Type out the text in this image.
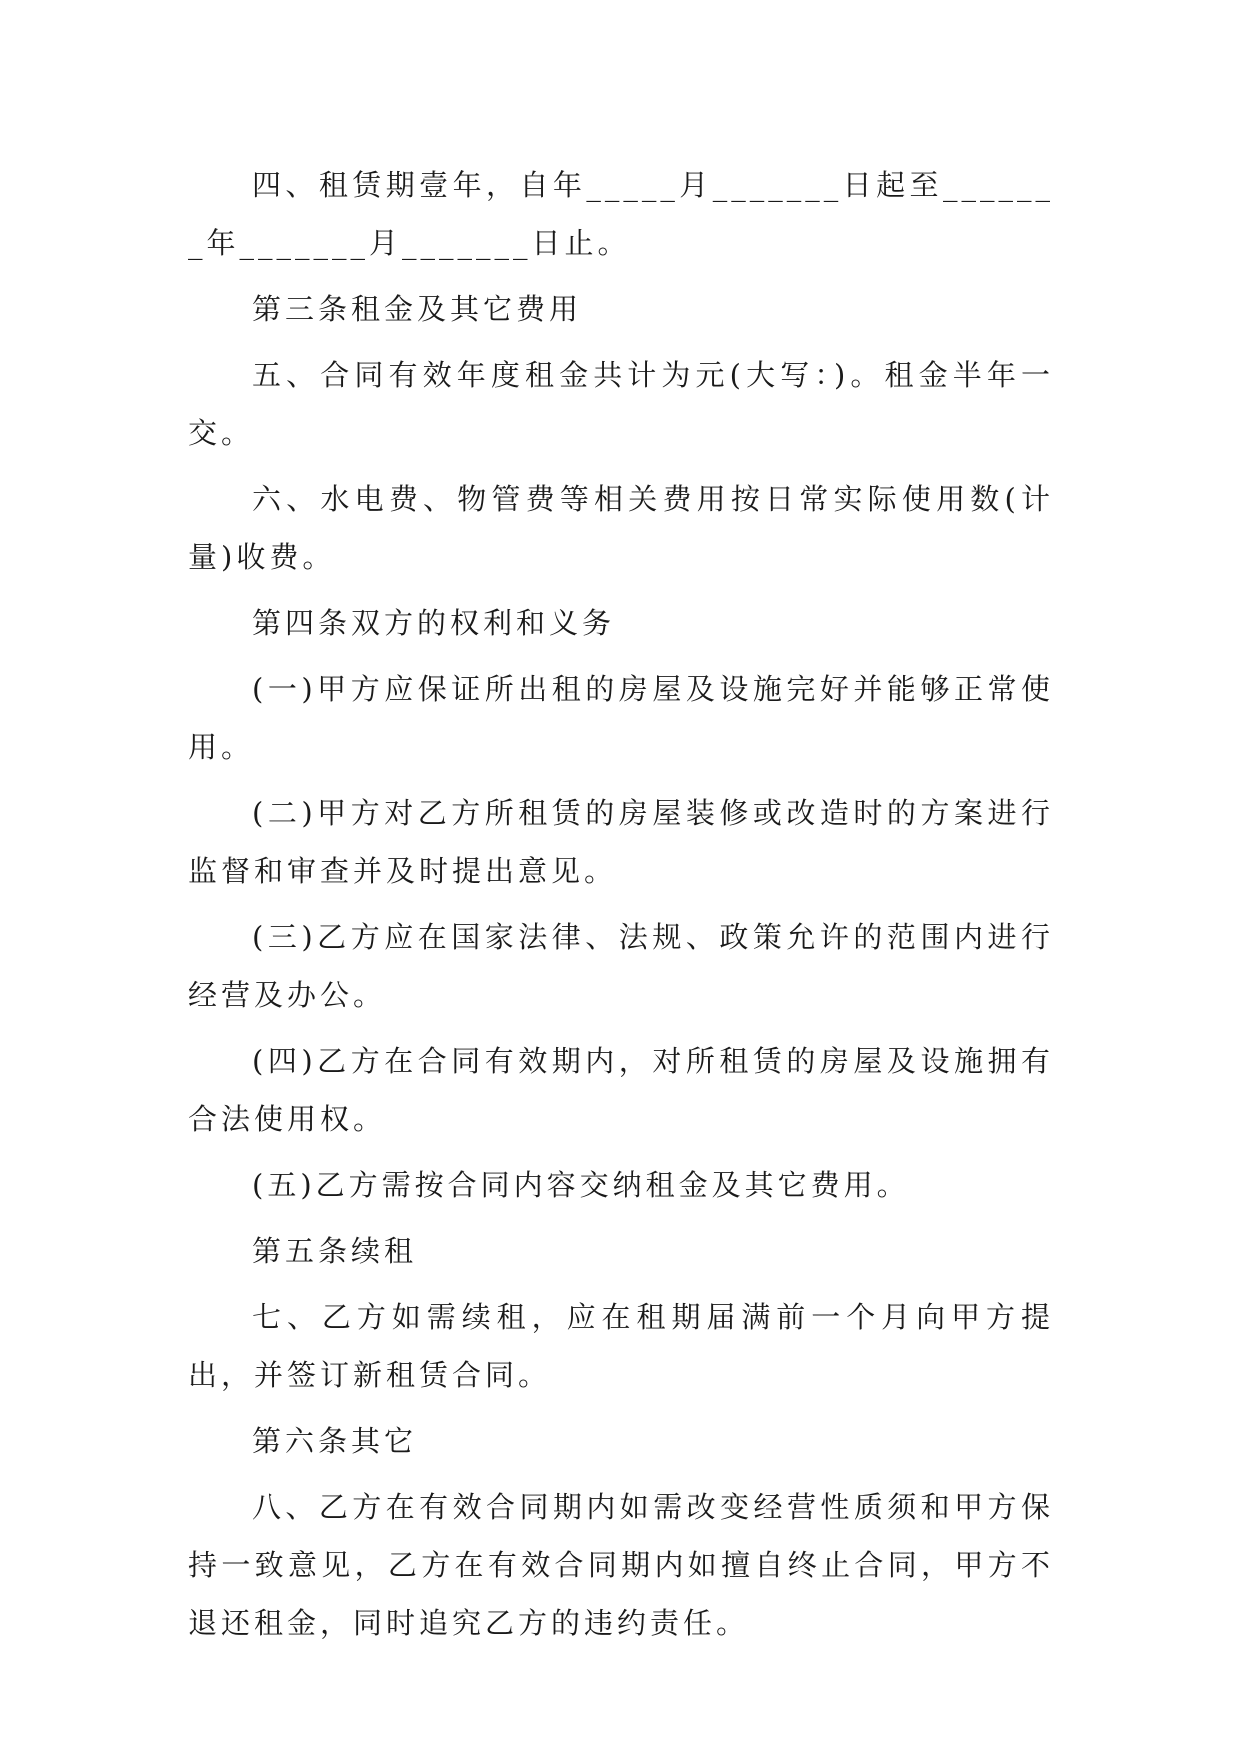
四、租赁期壹年，自年_____月_______日起至_______年_______月_______日止。

第三条租金及其它费用

五、合同有效年度租金共计为元(大写：)。租金半年一交。

六、水电费、物管费等相关费用按日常实际使用数(计量)收费。

第四条双方的权利和义务

(一)甲方应保证所出租的房屋及设施完好并能够正常使用。

(二)甲方对乙方所租赁的房屋装修或改造时的方案进行监督和审查并及时提出意见。

(三)乙方应在国家法律、法规、政策允许的范围内进行经营及办公。

(四)乙方在合同有效期内，对所租赁的房屋及设施拥有合法使用权。

(五)乙方需按合同内容交纳租金及其它费用。

第五条续租

七、乙方如需续租，应在租期届满前一个月向甲方提出，并签订新租赁合同。

第六条其它

八、乙方在有效合同期内如需改变经营性质须和甲方保持一致意见，乙方在有效合同期内如擅自终止合同，甲方不退还租金，同时追究乙方的违约责任。
